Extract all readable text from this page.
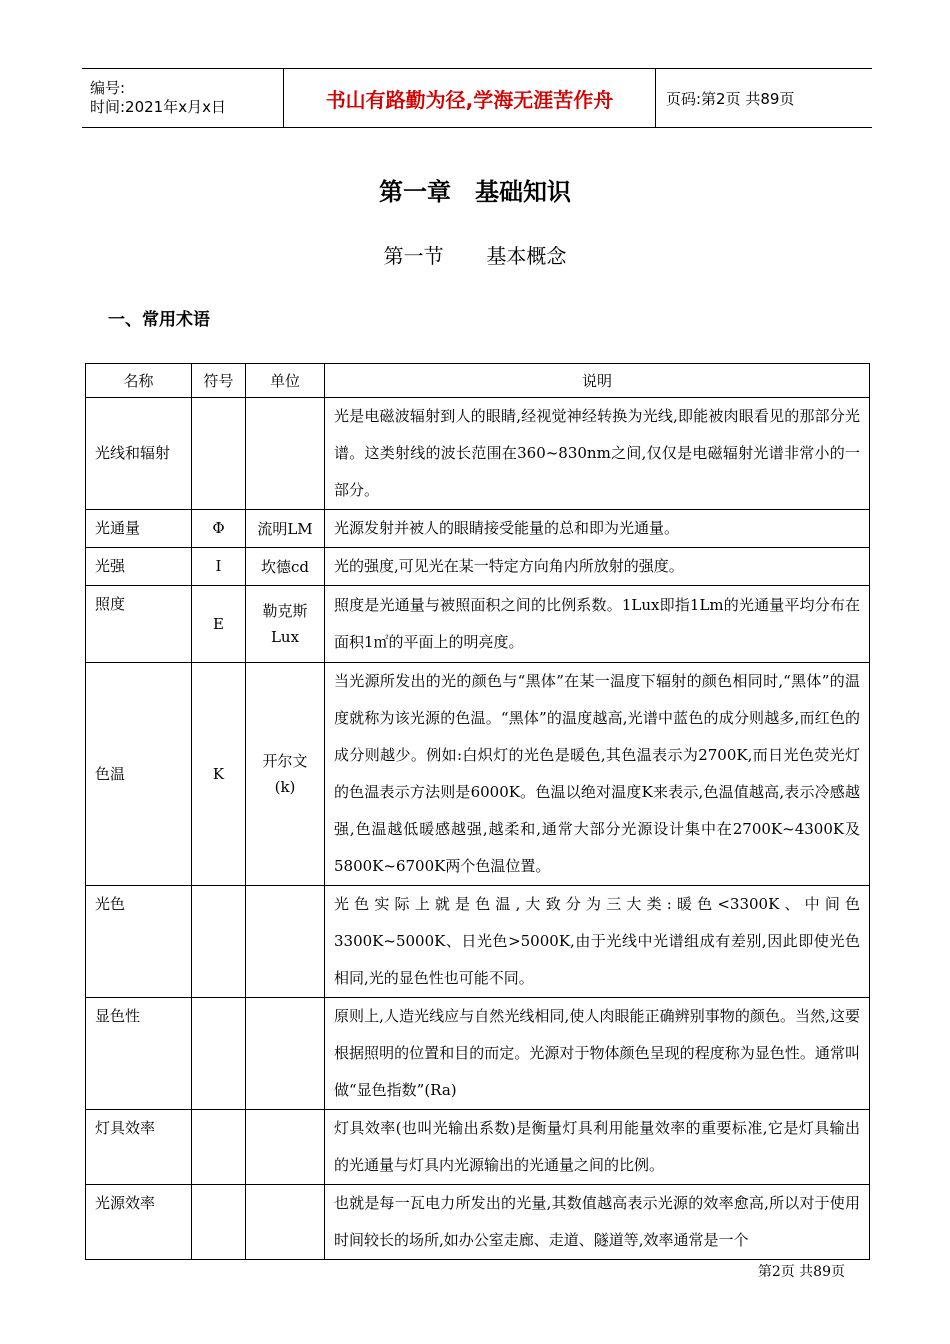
编号:
时间:2021年x月x日	书山有路勤为径,学海无涯苦作舟	页码:第2页 共89页
第一章　基础知识
第一节 基本概念
一、常用术语
名称	符号	单位	说明
光线和辐射			光是电磁波辐射到人的眼睛,经视觉神经转换为光线,即能被肉眼看见的那部分光谱。这类射线的波长范围在360~830nm之间,仅仅是电磁辐射光谱非常小的一部分。
光通量	Φ	流明LM	光源发射并被人的眼睛接受能量的总和即为光通量。
光强	I	坎德cd	光的强度,可见光在某一特定方向角内所放射的强度。
照度	E	勒克斯Lux	照度是光通量与被照面积之间的比例系数。1Lux即指1Lm的光通量平均分布在面积1㎡的平面上的明亮度。
色温	K	开尔文(k)	当光源所发出的光的颜色与“黑体”在某一温度下辐射的颜色相同时,“黑体”的温度就称为该光源的色温。“黑体”的温度越高,光谱中蓝色的成分则越多,而红色的成分则越少。例如:白炽灯的光色是暖色,其色温表示为2700K,而日光色荧光灯的色温表示方法则是6000K。色温以绝对温度K来表示,色温值越高,表示冷感越强,色温越低暖感越强,越柔和,通常大部分光源设计集中在2700K~4300K及5800K~6700K两个色温位置。
光色			光色实际上就是色温,大致分为三大类:暖色<3300K、中间色3300K~5000K、日光色>5000K,由于光线中光谱组成有差别,因此即使光色相同,光的显色性也可能不同。
显色性			原则上,人造光线应与自然光线相同,使人肉眼能正确辨别事物的颜色。当然,这要根据照明的位置和目的而定。光源对于物体颜色呈现的程度称为显色性。通常叫做“显色指数”(Ra)
灯具效率			灯具效率(也叫光输出系数)是衡量灯具利用能量效率的重要标准,它是灯具输出的光通量与灯具内光源输出的光通量之间的比例。
光源效率			也就是每一瓦电力所发出的光量,其数值越高表示光源的效率愈高,所以对于使用时间较长的场所,如办公室走廊、走道、隧道等,效率通常是一个
第2页 共89页
